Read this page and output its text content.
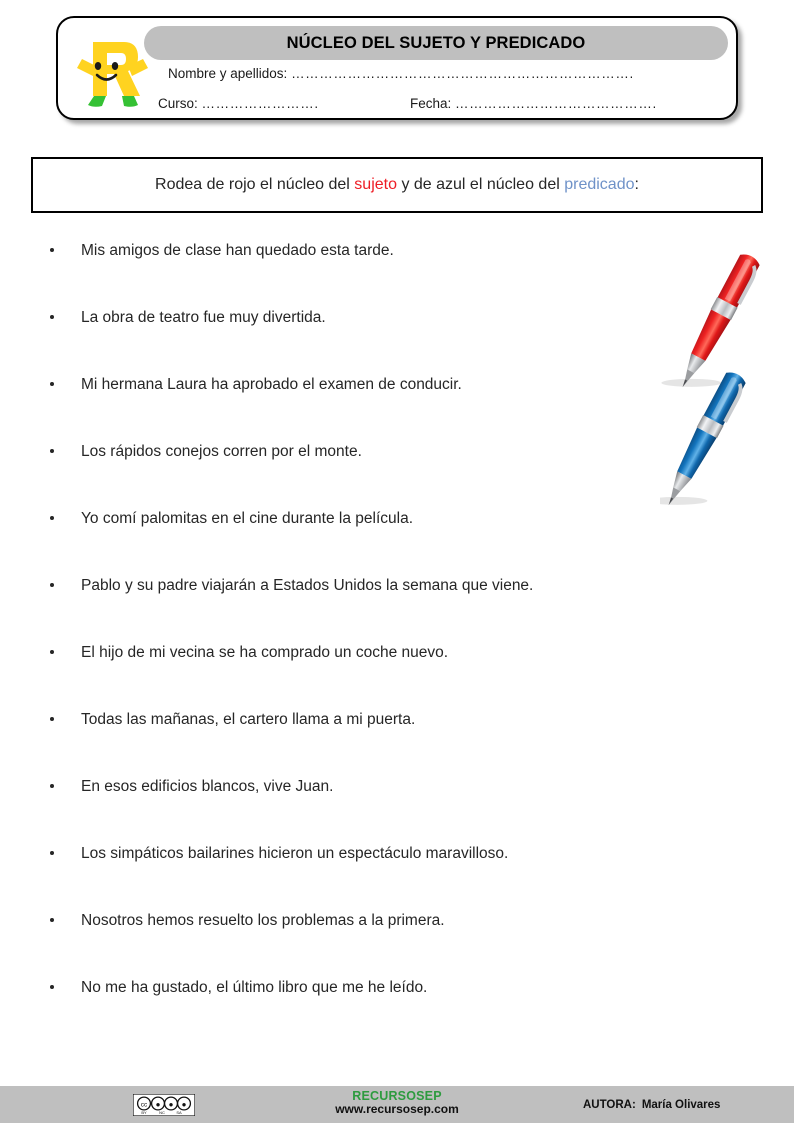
NÚCLEO DEL SUJETO Y PREDICADO
Nombre y apellidos: ……………………………………………………………….
Curso: …………………….	Fecha: …………………………………….
Rodea de rojo el núcleo del sujeto y de azul el núcleo del predicado:
Mis amigos de clase han quedado esta tarde.
La obra de teatro fue muy divertida.
Mi hermana Laura ha aprobado el examen de conducir.
Los rápidos conejos corren por el monte.
Yo comí palomitas en el cine durante la película.
Pablo y su padre viajarán a Estados Unidos la semana que viene.
El hijo de mi vecina se ha comprado un coche nuevo.
Todas las mañanas, el cartero llama a mi puerta.
En esos edificios blancos, vive Juan.
Los simpáticos bailarines hicieron un espectáculo maravilloso.
Nosotros hemos resuelto los problemas a la primera.
No me ha gustado, el último libro que me he leído.
cc ● ● ●
BY	NC	SA
RECURSOSEP
www.recursosep.com	AUTORA: María Olivares
